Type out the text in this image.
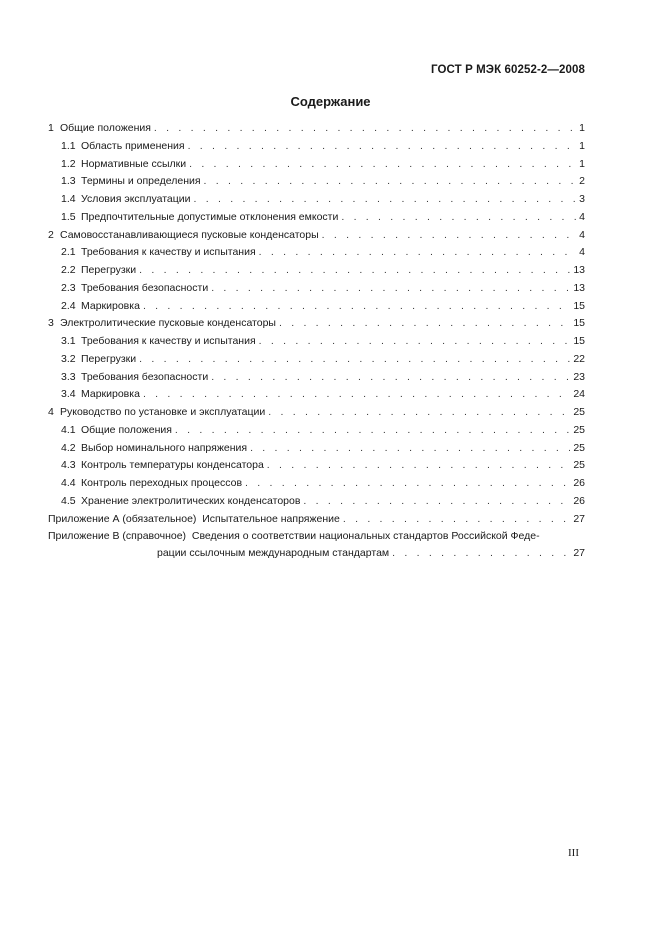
ГОСТ Р МЭК 60252-2—2008
Содержание
1 Общие положения . . .	1
1.1 Область применения . . .	1
1.2 Нормативные ссылки . . .	1
1.3 Термины и определения . . .	2
1.4 Условия эксплуатации . . .	3
1.5 Предпочтительные допустимые отклонения емкости . . .	4
2 Самовосстанавливающиеся пусковые конденсаторы . . .	4
2.1 Требования к качеству и испытания . . .	4
2.2 Перегрузки . . .	13
2.3 Требования безопасности . . .	13
2.4 Маркировка . . .	15
3 Электролитические пусковые конденсаторы . . .	15
3.1 Требования к качеству и испытания . . .	15
3.2 Перегрузки . . .	22
3.3 Требования безопасности . . .	23
3.4 Маркировка . . .	24
4 Руководство по установке и эксплуатации . . .	25
4.1 Общие положения . . .	25
4.2 Выбор номинального напряжения . . .	25
4.3 Контроль температуры конденсатора . . .	25
4.4 Контроль переходных процессов . . .	26
4.5 Хранение электролитических конденсаторов . . .	26
Приложение А (обязательное)  Испытательное напряжение . . .	27
Приложение В (справочное)  Сведения о соответствии национальных стандартов Российской Феде-
рации ссылочным международным стандартам . . .	27
III
